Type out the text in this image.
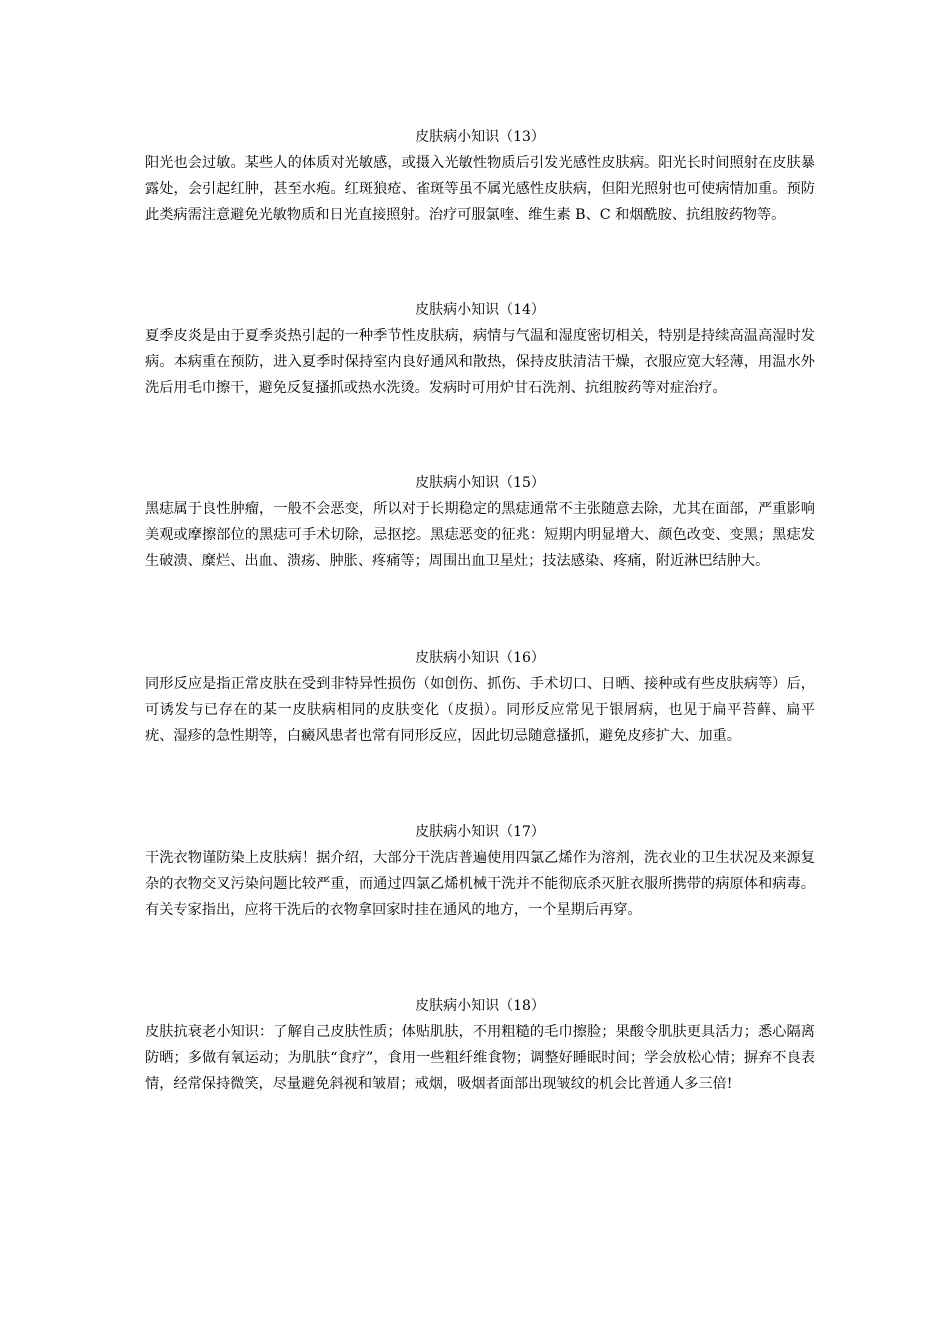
皮肤病小知识（13）

阳光也会过敏。某些人的体质对光敏感，或摄入光敏性物质后引发光感性皮肤病。阳光长时间照射在皮肤暴露处，会引起红肿，甚至水疱。红斑狼疮、雀斑等虽不属光感性皮肤病，但阳光照射也可使病情加重。预防此类病需注意避免光敏物质和日光直接照射。治疗可服氯喹、维生素 B、C 和烟酰胺、抗组胺药物等。

皮肤病小知识（14）

夏季皮炎是由于夏季炎热引起的一种季节性皮肤病，病情与气温和湿度密切相关，特别是持续高温高湿时发病。本病重在预防，进入夏季时保持室内良好通风和散热，保持皮肤清洁干燥，衣服应宽大轻薄，用温水外洗后用毛巾擦干，避免反复搔抓或热水洗烫。发病时可用炉甘石洗剂、抗组胺药等对症治疗。

皮肤病小知识（15）

黑痣属于良性肿瘤，一般不会恶变，所以对于长期稳定的黑痣通常不主张随意去除，尤其在面部，严重影响美观或摩擦部位的黑痣可手术切除，忌抠挖。黑痣恶变的征兆：短期内明显增大、颜色改变、变黑；黑痣发生破溃、糜烂、出血、溃疡、肿胀、疼痛等；周围出血卫星灶；技法感染、疼痛，附近淋巴结肿大。

皮肤病小知识（16）

同形反应是指正常皮肤在受到非特异性损伤（如创伤、抓伤、手术切口、日晒、接种或有些皮肤病等）后，可诱发与已存在的某一皮肤病相同的皮肤变化（皮损）。同形反应常见于银屑病，也见于扁平苔藓、扁平疣、湿疹的急性期等，白癜风患者也常有同形反应，因此切忌随意搔抓，避免皮疹扩大、加重。

皮肤病小知识（17）

干洗衣物谨防染上皮肤病！据介绍，大部分干洗店普遍使用四氯乙烯作为溶剂，洗衣业的卫生状况及来源复杂的衣物交叉污染问题比较严重，而通过四氯乙烯机械干洗并不能彻底杀灭脏衣服所携带的病原体和病毒。有关专家指出，应将干洗后的衣物拿回家时挂在通风的地方，一个星期后再穿。

皮肤病小知识（18）

皮肤抗衰老小知识：了解自己皮肤性质；体贴肌肤，不用粗糙的毛巾擦脸；果酸令肌肤更具活力；悉心隔离防晒；多做有氧运动；为肌肤“食疗”，食用一些粗纤维食物；调整好睡眠时间；学会放松心情；摒弃不良表情，经常保持微笑，尽量避免斜视和皱眉；戒烟，吸烟者面部出现皱纹的机会比普通人多三倍!
